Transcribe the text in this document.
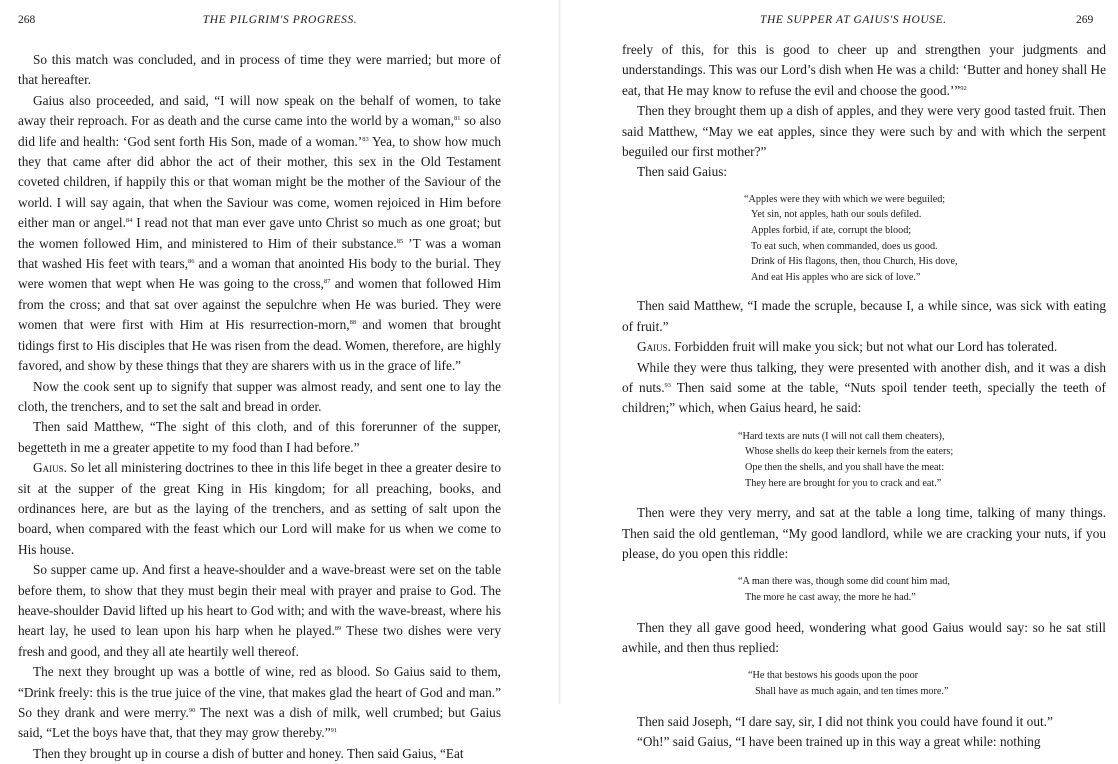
268	THE PILGRIM'S PROGRESS.

So this match was concluded, and in process of time they were married; but more of that hereafter.

Gaius also proceeded, and said, “I will now speak on the behalf of women, to take away their reproach. For as death and the curse came into the world by a woman,$^{81}$ so also did life and health: ‘God sent forth His Son, made of a woman.’$^{83}$ Yea, to show how much they that came after did abhor the act of their mother, this sex in the Old Testament coveted children, if happily this or that woman might be the mother of the Saviour of the world. I will say again, that when the Saviour was come, women rejoiced in Him before either man or angel.$^{84}$ I read not that man ever gave unto Christ so much as one groat; but the women followed Him, and ministered to Him of their substance.$^{85}$ ’T was a woman that washed His feet with tears,$^{86}$ and a woman that anointed His body to the burial. They were women that wept when He was going to the cross,$^{87}$ and women that followed Him from the cross; and that sat over against the sepulchre when He was buried. They were women that were first with Him at His resurrection-morn,$^{88}$ and women that brought tidings first to His disciples that He was risen from the dead. Women, therefore, are highly favored, and show by these things that they are sharers with us in the grace of life.”

Now the cook sent up to signify that supper was almost ready, and sent one to lay the cloth, the trenchers, and to set the salt and bread in order.

Then said Matthew, “The sight of this cloth, and of this forerunner of the supper, begetteth in me a greater appetite to my food than I had before.”

Gaius. So let all ministering doctrines to thee in this life beget in thee a greater desire to sit at the supper of the great King in His kingdom; for all preaching, books, and ordinances here, are but as the laying of the trenchers, and as setting of salt upon the board, when compared with the feast which our Lord will make for us when we come to His house.

So supper came up. And first a heave-shoulder and a wave-breast were set on the table before them, to show that they must begin their meal with prayer and praise to God. The heave-shoulder David lifted up his heart to God with; and with the wave-breast, where his heart lay, he used to lean upon his harp when he played.$^{89}$ These two dishes were very fresh and good, and they all ate heartily well thereof.

The next they brought up was a bottle of wine, red as blood. So Gaius said to them, “Drink freely: this is the true juice of the vine, that makes glad the heart of God and man.” So they drank and were merry.$^{90}$ The next was a dish of milk, well crumbed; but Gaius said, “Let the boys have that, that they may grow thereby.”$^{91}$

Then they brought up in course a dish of butter and honey. Then said Gaius, “Eat

THE SUPPER AT GAIUS'S HOUSE.	269

freely of this, for this is good to cheer up and strengthen your judgments and understandings. This was our Lord’s dish when He was a child: ‘Butter and honey shall He eat, that He may know to refuse the evil and choose the good.’”$^{92}$

Then they brought them up a dish of apples, and they were very good tasted fruit. Then said Matthew, “May we eat apples, since they were such by and with which the serpent beguiled our first mother?”

Then said Gaius:

“Apples were they with which we were beguiled;
Yet sin, not apples, hath our souls defiled.
Apples forbid, if ate, corrupt the blood;
To eat such, when commanded, does us good.
Drink of His flagons, then, thou Church, His dove,
And eat His apples who are sick of love.”

Then said Matthew, “I made the scruple, because I, a while since, was sick with eating of fruit.”

Gaius. Forbidden fruit will make you sick; but not what our Lord has tolerated.

While they were thus talking, they were presented with another dish, and it was a dish of nuts.$^{93}$ Then said some at the table, “Nuts spoil tender teeth, specially the teeth of children;” which, when Gaius heard, he said:

“Hard texts are nuts (I will not call them cheaters),
Whose shells do keep their kernels from the eaters;
Ope then the shells, and you shall have the meat:
They here are brought for you to crack and eat.”

Then were they very merry, and sat at the table a long time, talking of many things. Then said the old gentleman, “My good landlord, while we are cracking your nuts, if you please, do you open this riddle:

“A man there was, though some did count him mad,
The more he cast away, the more he had.”

Then they all gave good heed, wondering what good Gaius would say: so he sat still awhile, and then thus replied:

“He that bestows his goods upon the poor
Shall have as much again, and ten times more.”

Then said Joseph, “I dare say, sir, I did not think you could have found it out.”

“Oh!” said Gaius, “I have been trained up in this way a great while: nothing
